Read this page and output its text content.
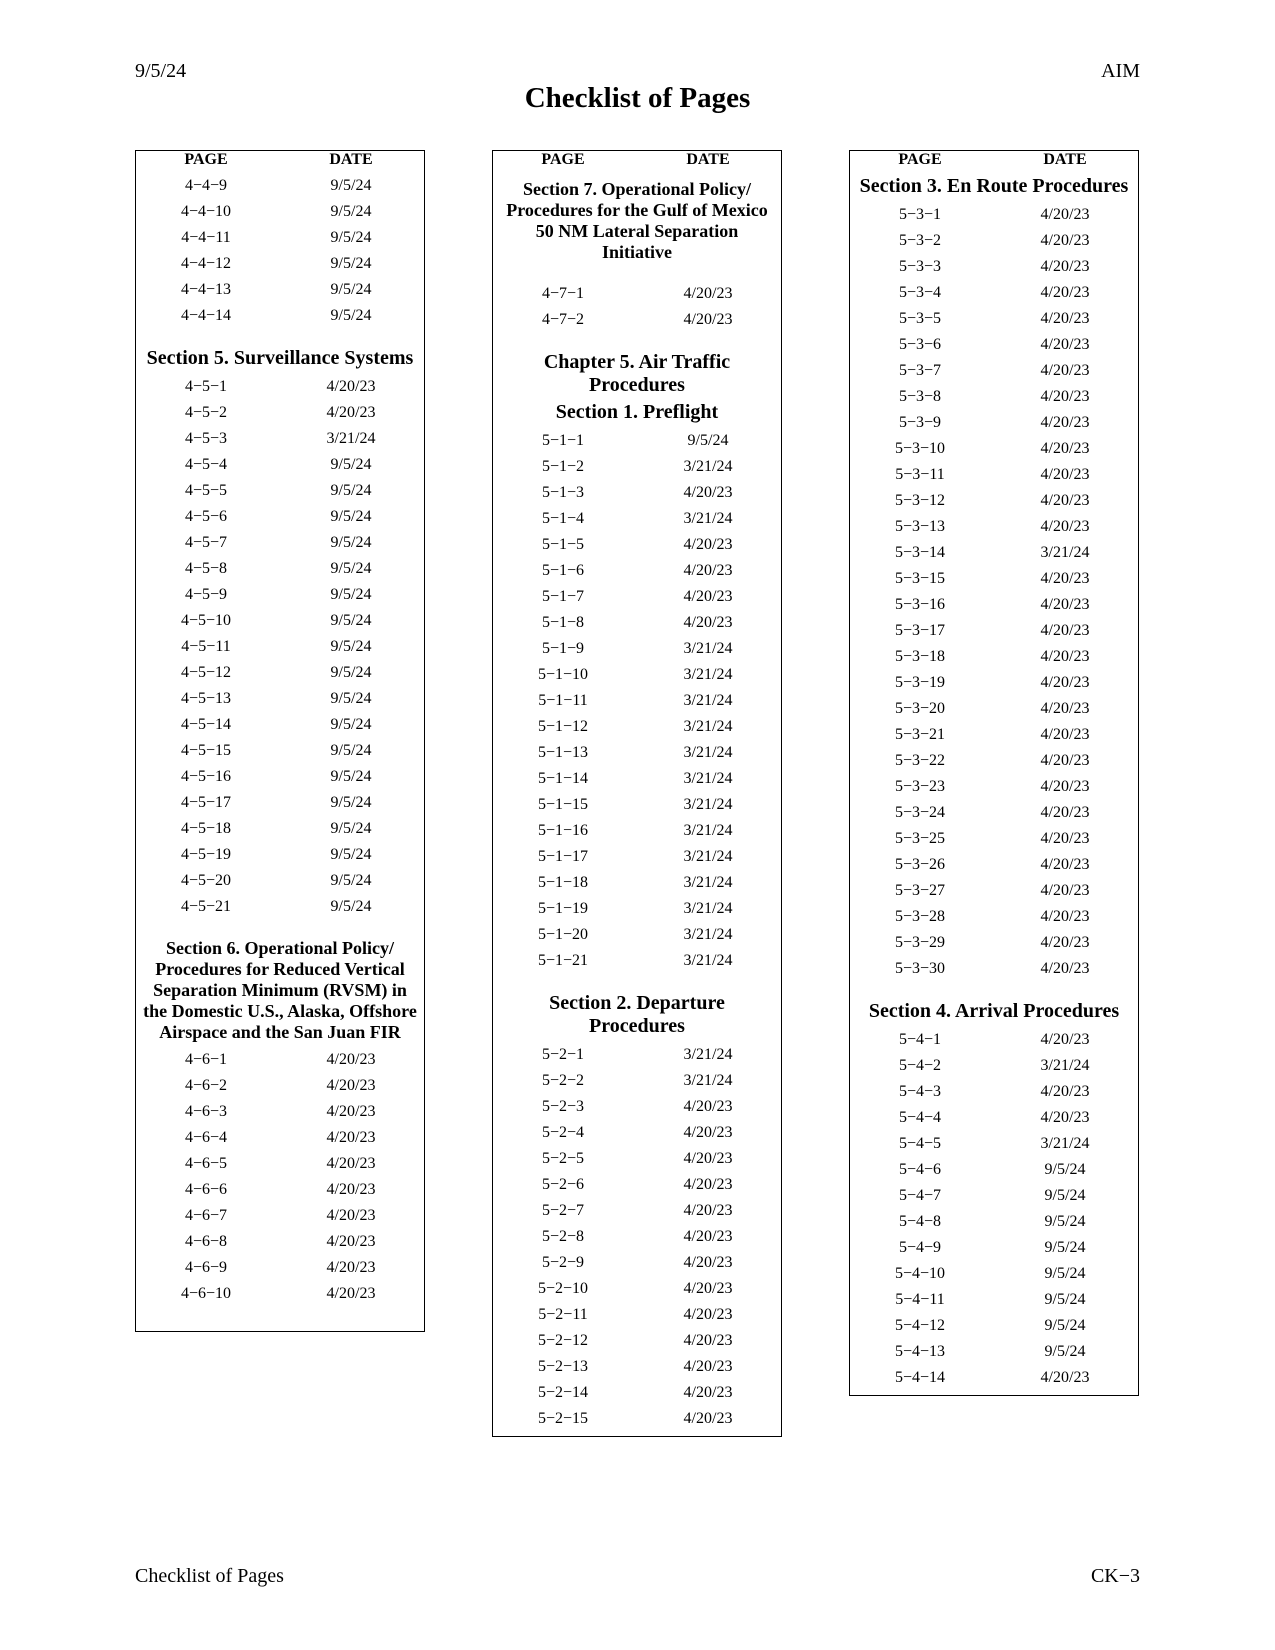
9/5/24	AIM
Checklist of Pages
PAGE	DATE
4−4−9	9/5/24
4−4−10	9/5/24
4−4−11	9/5/24
4−4−12	9/5/24
4−4−13	9/5/24
4−4−14	9/5/24
Section 5. Surveillance Systems
4−5−1	4/20/23
4−5−2	4/20/23
4−5−3	3/21/24
4−5−4	9/5/24
4−5−5	9/5/24
4−5−6	9/5/24
4−5−7	9/5/24
4−5−8	9/5/24
4−5−9	9/5/24
4−5−10	9/5/24
4−5−11	9/5/24
4−5−12	9/5/24
4−5−13	9/5/24
4−5−14	9/5/24
4−5−15	9/5/24
4−5−16	9/5/24
4−5−17	9/5/24
4−5−18	9/5/24
4−5−19	9/5/24
4−5−20	9/5/24
4−5−21	9/5/24
Section 6. Operational Policy/ Procedures for Reduced Vertical Separation Minimum (RVSM) in the Domestic U.S., Alaska, Offshore Airspace and the San Juan FIR
4−6−1	4/20/23
4−6−2	4/20/23
4−6−3	4/20/23
4−6−4	4/20/23
4−6−5	4/20/23
4−6−6	4/20/23
4−6−7	4/20/23
4−6−8	4/20/23
4−6−9	4/20/23
4−6−10	4/20/23
PAGE	DATE
Section 7. Operational Policy/ Procedures for the Gulf of Mexico 50 NM Lateral Separation Initiative
4−7−1	4/20/23
4−7−2	4/20/23
Chapter 5. Air Traffic Procedures
Section 1. Preflight
5−1−1	9/5/24
5−1−2	3/21/24
5−1−3	4/20/23
5−1−4	3/21/24
5−1−5	4/20/23
5−1−6	4/20/23
5−1−7	4/20/23
5−1−8	4/20/23
5−1−9	3/21/24
5−1−10	3/21/24
5−1−11	3/21/24
5−1−12	3/21/24
5−1−13	3/21/24
5−1−14	3/21/24
5−1−15	3/21/24
5−1−16	3/21/24
5−1−17	3/21/24
5−1−18	3/21/24
5−1−19	3/21/24
5−1−20	3/21/24
5−1−21	3/21/24
Section 2. Departure Procedures
5−2−1	3/21/24
5−2−2	3/21/24
5−2−3	4/20/23
5−2−4	4/20/23
5−2−5	4/20/23
5−2−6	4/20/23
5−2−7	4/20/23
5−2−8	4/20/23
5−2−9	4/20/23
5−2−10	4/20/23
5−2−11	4/20/23
5−2−12	4/20/23
5−2−13	4/20/23
5−2−14	4/20/23
5−2−15	4/20/23
PAGE	DATE
Section 3. En Route Procedures
5−3−1	4/20/23
5−3−2	4/20/23
5−3−3	4/20/23
5−3−4	4/20/23
5−3−5	4/20/23
5−3−6	4/20/23
5−3−7	4/20/23
5−3−8	4/20/23
5−3−9	4/20/23
5−3−10	4/20/23
5−3−11	4/20/23
5−3−12	4/20/23
5−3−13	4/20/23
5−3−14	3/21/24
5−3−15	4/20/23
5−3−16	4/20/23
5−3−17	4/20/23
5−3−18	4/20/23
5−3−19	4/20/23
5−3−20	4/20/23
5−3−21	4/20/23
5−3−22	4/20/23
5−3−23	4/20/23
5−3−24	4/20/23
5−3−25	4/20/23
5−3−26	4/20/23
5−3−27	4/20/23
5−3−28	4/20/23
5−3−29	4/20/23
5−3−30	4/20/23
Section 4. Arrival Procedures
5−4−1	4/20/23
5−4−2	3/21/24
5−4−3	4/20/23
5−4−4	4/20/23
5−4−5	3/21/24
5−4−6	9/5/24
5−4−7	9/5/24
5−4−8	9/5/24
5−4−9	9/5/24
5−4−10	9/5/24
5−4−11	9/5/24
5−4−12	9/5/24
5−4−13	9/5/24
5−4−14	4/20/23
Checklist of Pages	CK−3
